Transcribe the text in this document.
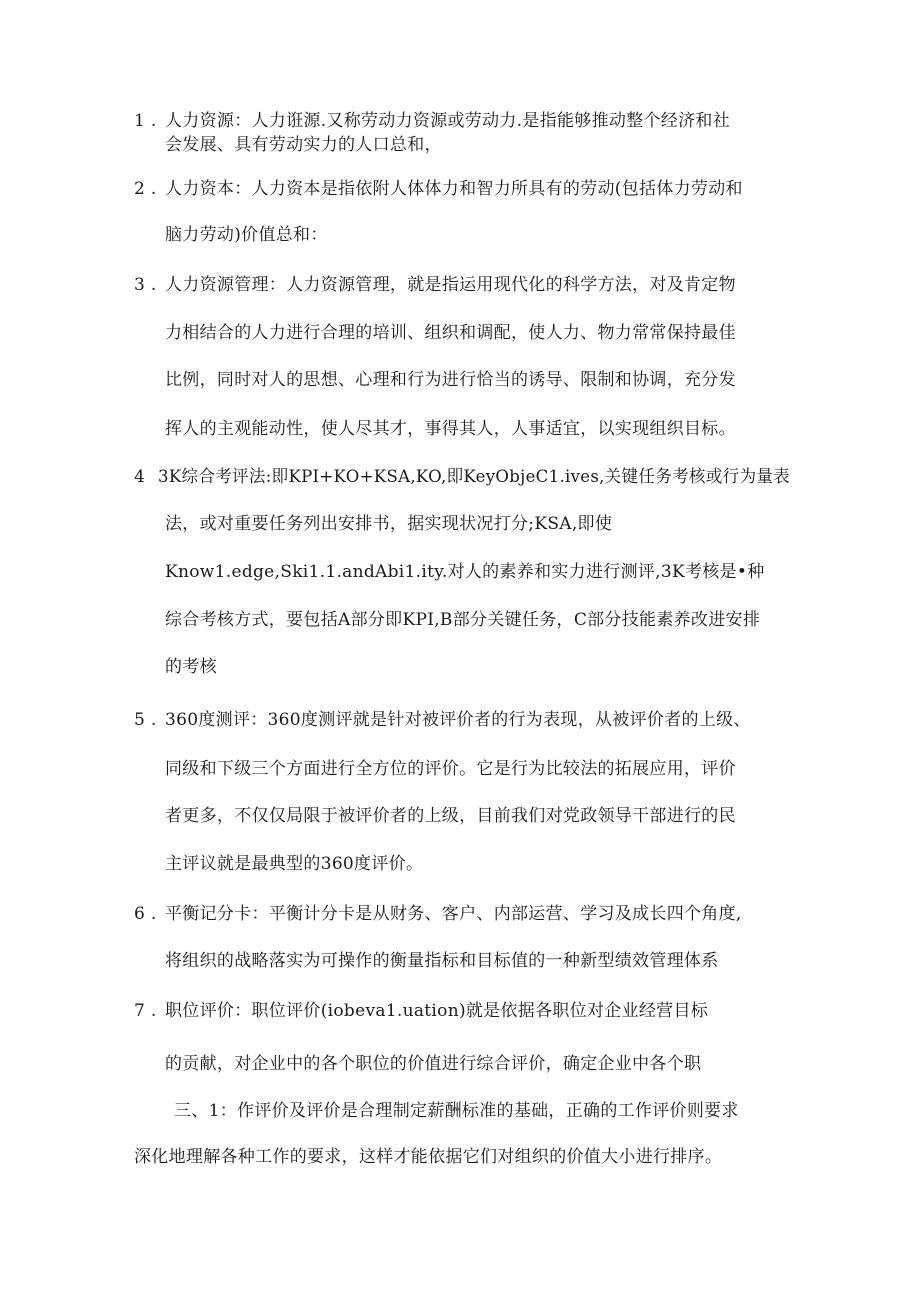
1 . 人力资源：人力诳源.又称劳动力资源或劳动力.是指能够推动整个经济和社
会发展、具有劳动实力的人口总和，
2 . 人力资本：人力资本是指依附人体体力和智力所具有的劳动(包括体力劳动和
脑力劳动)价值总和：
3 . 人力资源管理：人力资源管理，就是指运用现代化的科学方法，对及肯定物
力相结合的人力进行合理的培训、组织和调配，使人力、物力常常保持最佳
比例，同时对人的思想、心理和行为进行恰当的诱导、限制和协调，充分发
挥人的主观能动性，使人尽其才，事得其人，人事适宜，以实现组织目标。
4 3K综合考评法:即KPI+KO+KSA,KO,即KeyObjeC1.ives,关键任务考核或行为量表
法，或对重要任务列出安排书，据实现状况打分;KSA,即使
Know1.edge,Ski1.1.andAbi1.ity.对人的素养和实力进行测评,3K考核是•种
综合考核方式，要包括A部分即KPI,B部分关键任务，C部分技能素养改进安排
的考核
5 . 360度测评：360度测评就是针对被评价者的行为表现，从被评价者的上级、
同级和下级三个方面进行全方位的评价。它是行为比较法的拓展应用，评价
者更多，不仅仅局限于被评价者的上级，目前我们对党政领导干部进行的民
主评议就是最典型的360度评价。
6 . 平衡记分卡：平衡计分卡是从财务、客户、内部运营、学习及成长四个角度,
将组织的战略落实为可操作的衡量指标和目标值的一种新型绩效管理体系
7 . 职位评价：职位评价(iobeva1.uation)就是依据各职位对企业经营目标
的贡献，对企业中的各个职位的价值进行综合评价，确定企业中各个职
三、1：作评价及评价是合理制定薪酬标准的基础，正确的工作评价则要求
深化地理解各种工作的要求，这样才能依据它们对组织的价值大小进行排序。
